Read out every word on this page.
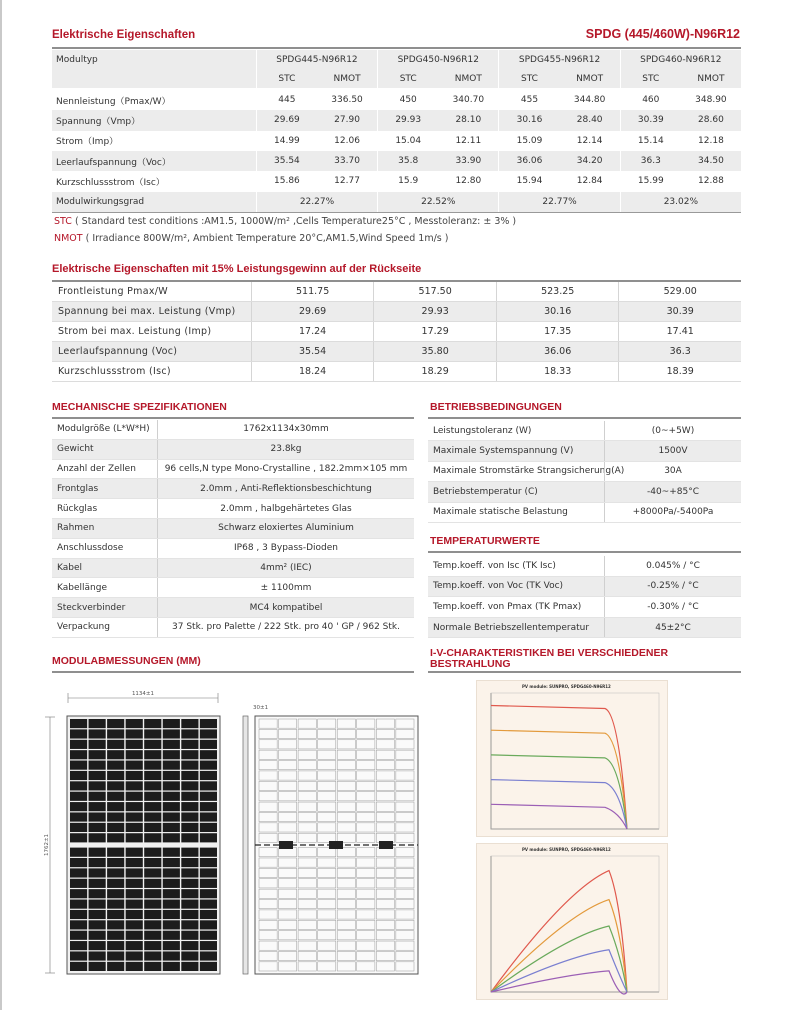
Elektrische Eigenschaften	SPDG (445/460W)-N96R12
Modultyp	SPDG445-N96R12	SPDG450-N96R12	SPDG455-N96R12	SPDG460-N96R12
STC	NMOT	STC	NMOT	STC	NMOT	STC	NMOT
Nennleistung（Pmax/W）	445	336.50	450	340.70	455	344.80	460	348.90
Spannung（Vmp）	29.69	27.90	29.93	28.10	30.16	28.40	30.39	28.60
Strom（Imp）	14.99	12.06	15.04	12.11	15.09	12.14	15.14	12.18
Leerlaufspannung（Voc）	35.54	33.70	35.8	33.90	36.06	34.20	36.3	34.50
Kurzschlussstrom（Isc）	15.86	12.77	15.9	12.80	15.94	12.84	15.99	12.88
Modulwirkungsgrad	22.27%	22.52%	22.77%	23.02%
STC ( Standard test conditions :AM1.5, 1000W/m² ,Cells Temperature25°C , Messtoleranz: ± 3% )
NMOT ( Irradiance 800W/m², Ambient Temperature 20°C,AM1.5,Wind Speed 1m/s )
Elektrische Eigenschaften mit 15% Leistungsgewinn auf der Rückseite
Frontleistung Pmax/W	511.75	517.50	523.25	529.00
Spannung bei max. Leistung (Vmp)	29.69	29.93	30.16	30.39
Strom bei max. Leistung (Imp)	17.24	17.29	17.35	17.41
Leerlaufspannung (Voc)	35.54	35.80	36.06	36.3
Kurzschlussstrom (Isc)	18.24	18.29	18.33	18.39
MECHANISCHE SPEZIFIKATIONEN
Modulgröße (L*W*H)	1762x1134x30mm
Gewicht	23.8kg
Anzahl der Zellen	96 cells,N type Mono-Crystalline , 182.2mm×105 mm
Frontglas	2.0mm , Anti-Reflektionsbeschichtung
Rückglas	2.0mm , halbgehärtetes Glas
Rahmen	Schwarz eloxiertes Aluminium
Anschlussdose	IP68 , 3 Bypass-Dioden
Kabel	4mm² (IEC)
Kabellänge	± 1100mm
Steckverbinder	MC4 kompatibel
Verpackung	37 Stk. pro Palette / 222 Stk. pro 40 ' GP / 962 Stk.
BETRIEBSBEDINGUNGEN
Leistungstoleranz (W)	(0~+5W)
Maximale Systemspannung (V)	1500V
Maximale Stromstärke Strangsicherung(A)	30A
Betriebstemperatur (C)	-40~+85°C
Maximale statische Belastung	+8000Pa/-5400Pa
TEMPERATURWERTE
Temp.koeff. von Isc (TK Isc)	0.045% / °C
Temp.koeff. von Voc (TK Voc)	-0.25% / °C
Temp.koeff. von Pmax (TK Pmax)	-0.30% / °C
Normale Betriebszellentemperatur	45±2°C
MODULABMESSUNGEN (MM)
1134±1
1762±1
30±1
I-V-CHARAKTERISTIKEN BEI VERSCHIEDENER
BESTRAHLUNG
PV module: SUNPRO, SPDG460-N96R12
PV module: SUNPRO, SPDG460-N96R12
